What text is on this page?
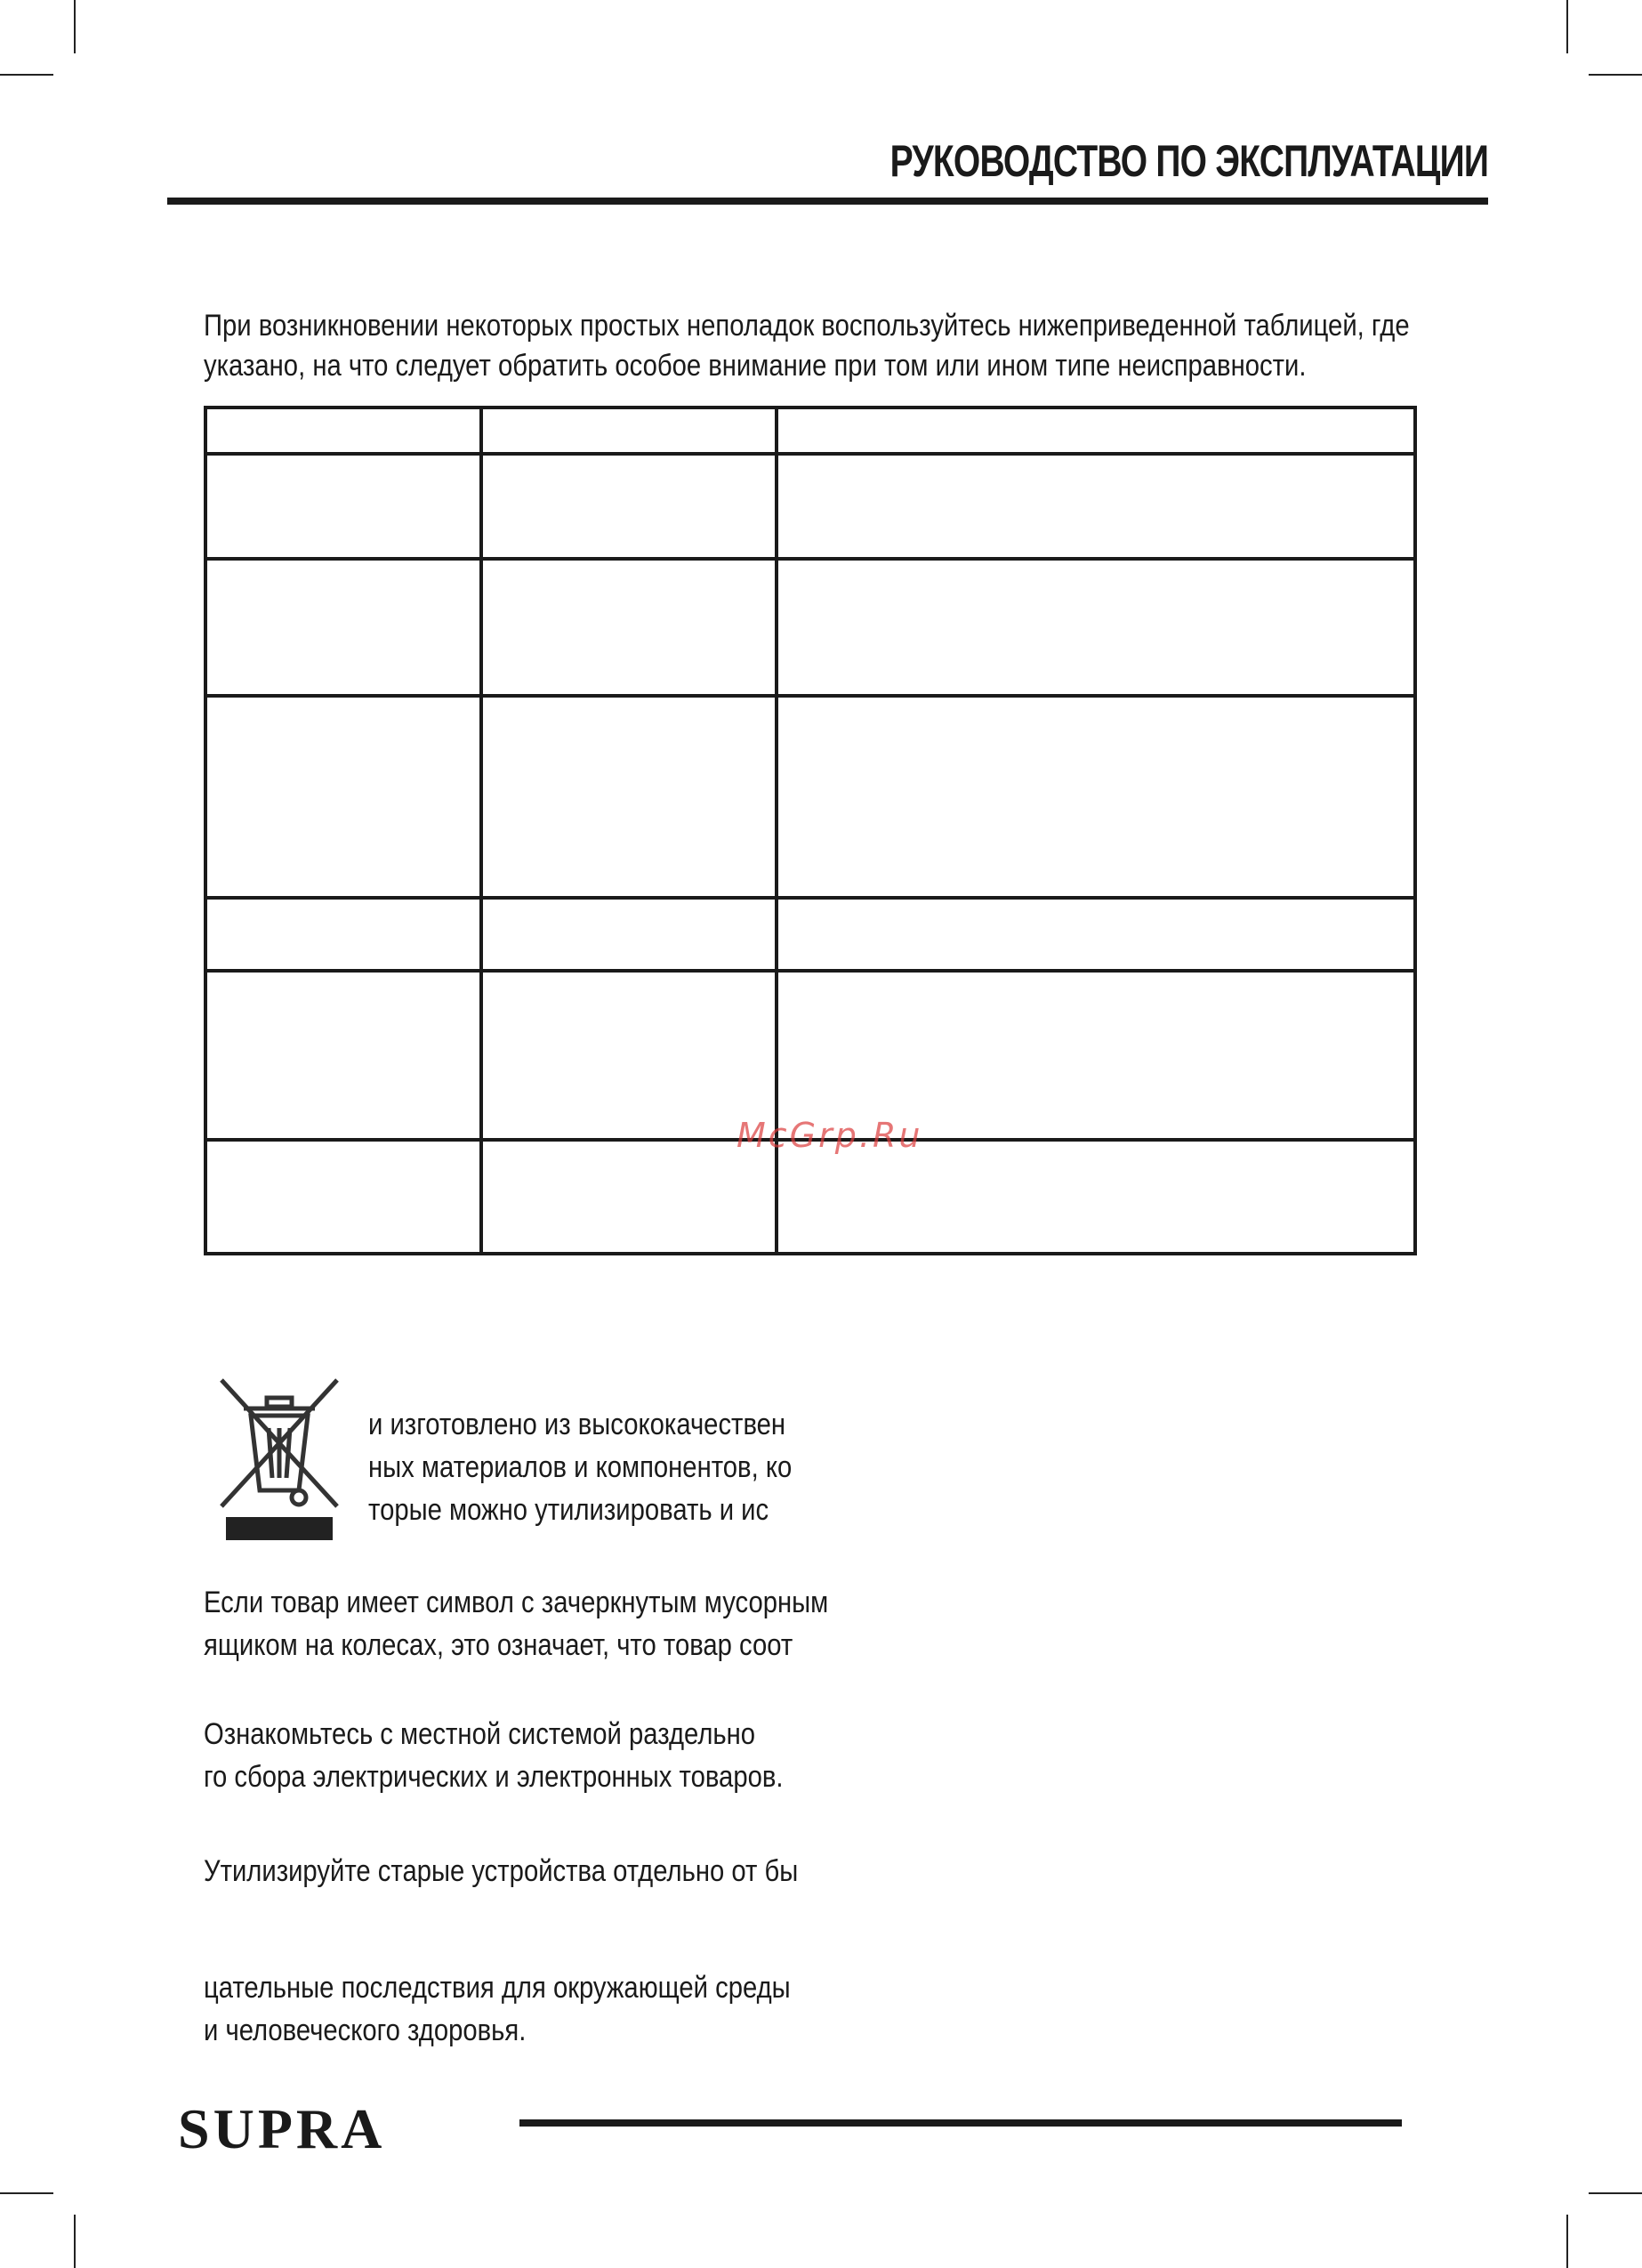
РУКОВОДСТВО ПО ЭКСПЛУАТАЦИИ

При возникновении некоторых простых неполадок воспользуйтесь нижеприведенной таблицей, где

указано, на что следует обратить особое внимание при том или ином типе неисправности.

McGrp.Ru
и изготовлено из высококачествен
ных материалов и компонентов, ко
торые можно утилизировать и ис
Если товар имеет символ с зачеркнутым мусорным
ящиком на колесах, это означает, что товар соот
Ознакомьтесь с местной системой раздельно
го сбора электрических и электронных товаров.
Утилизируйте старые устройства отдельно от бы
цательные последствия для окружающей среды
и человеческого здоровья.
SUPRA
